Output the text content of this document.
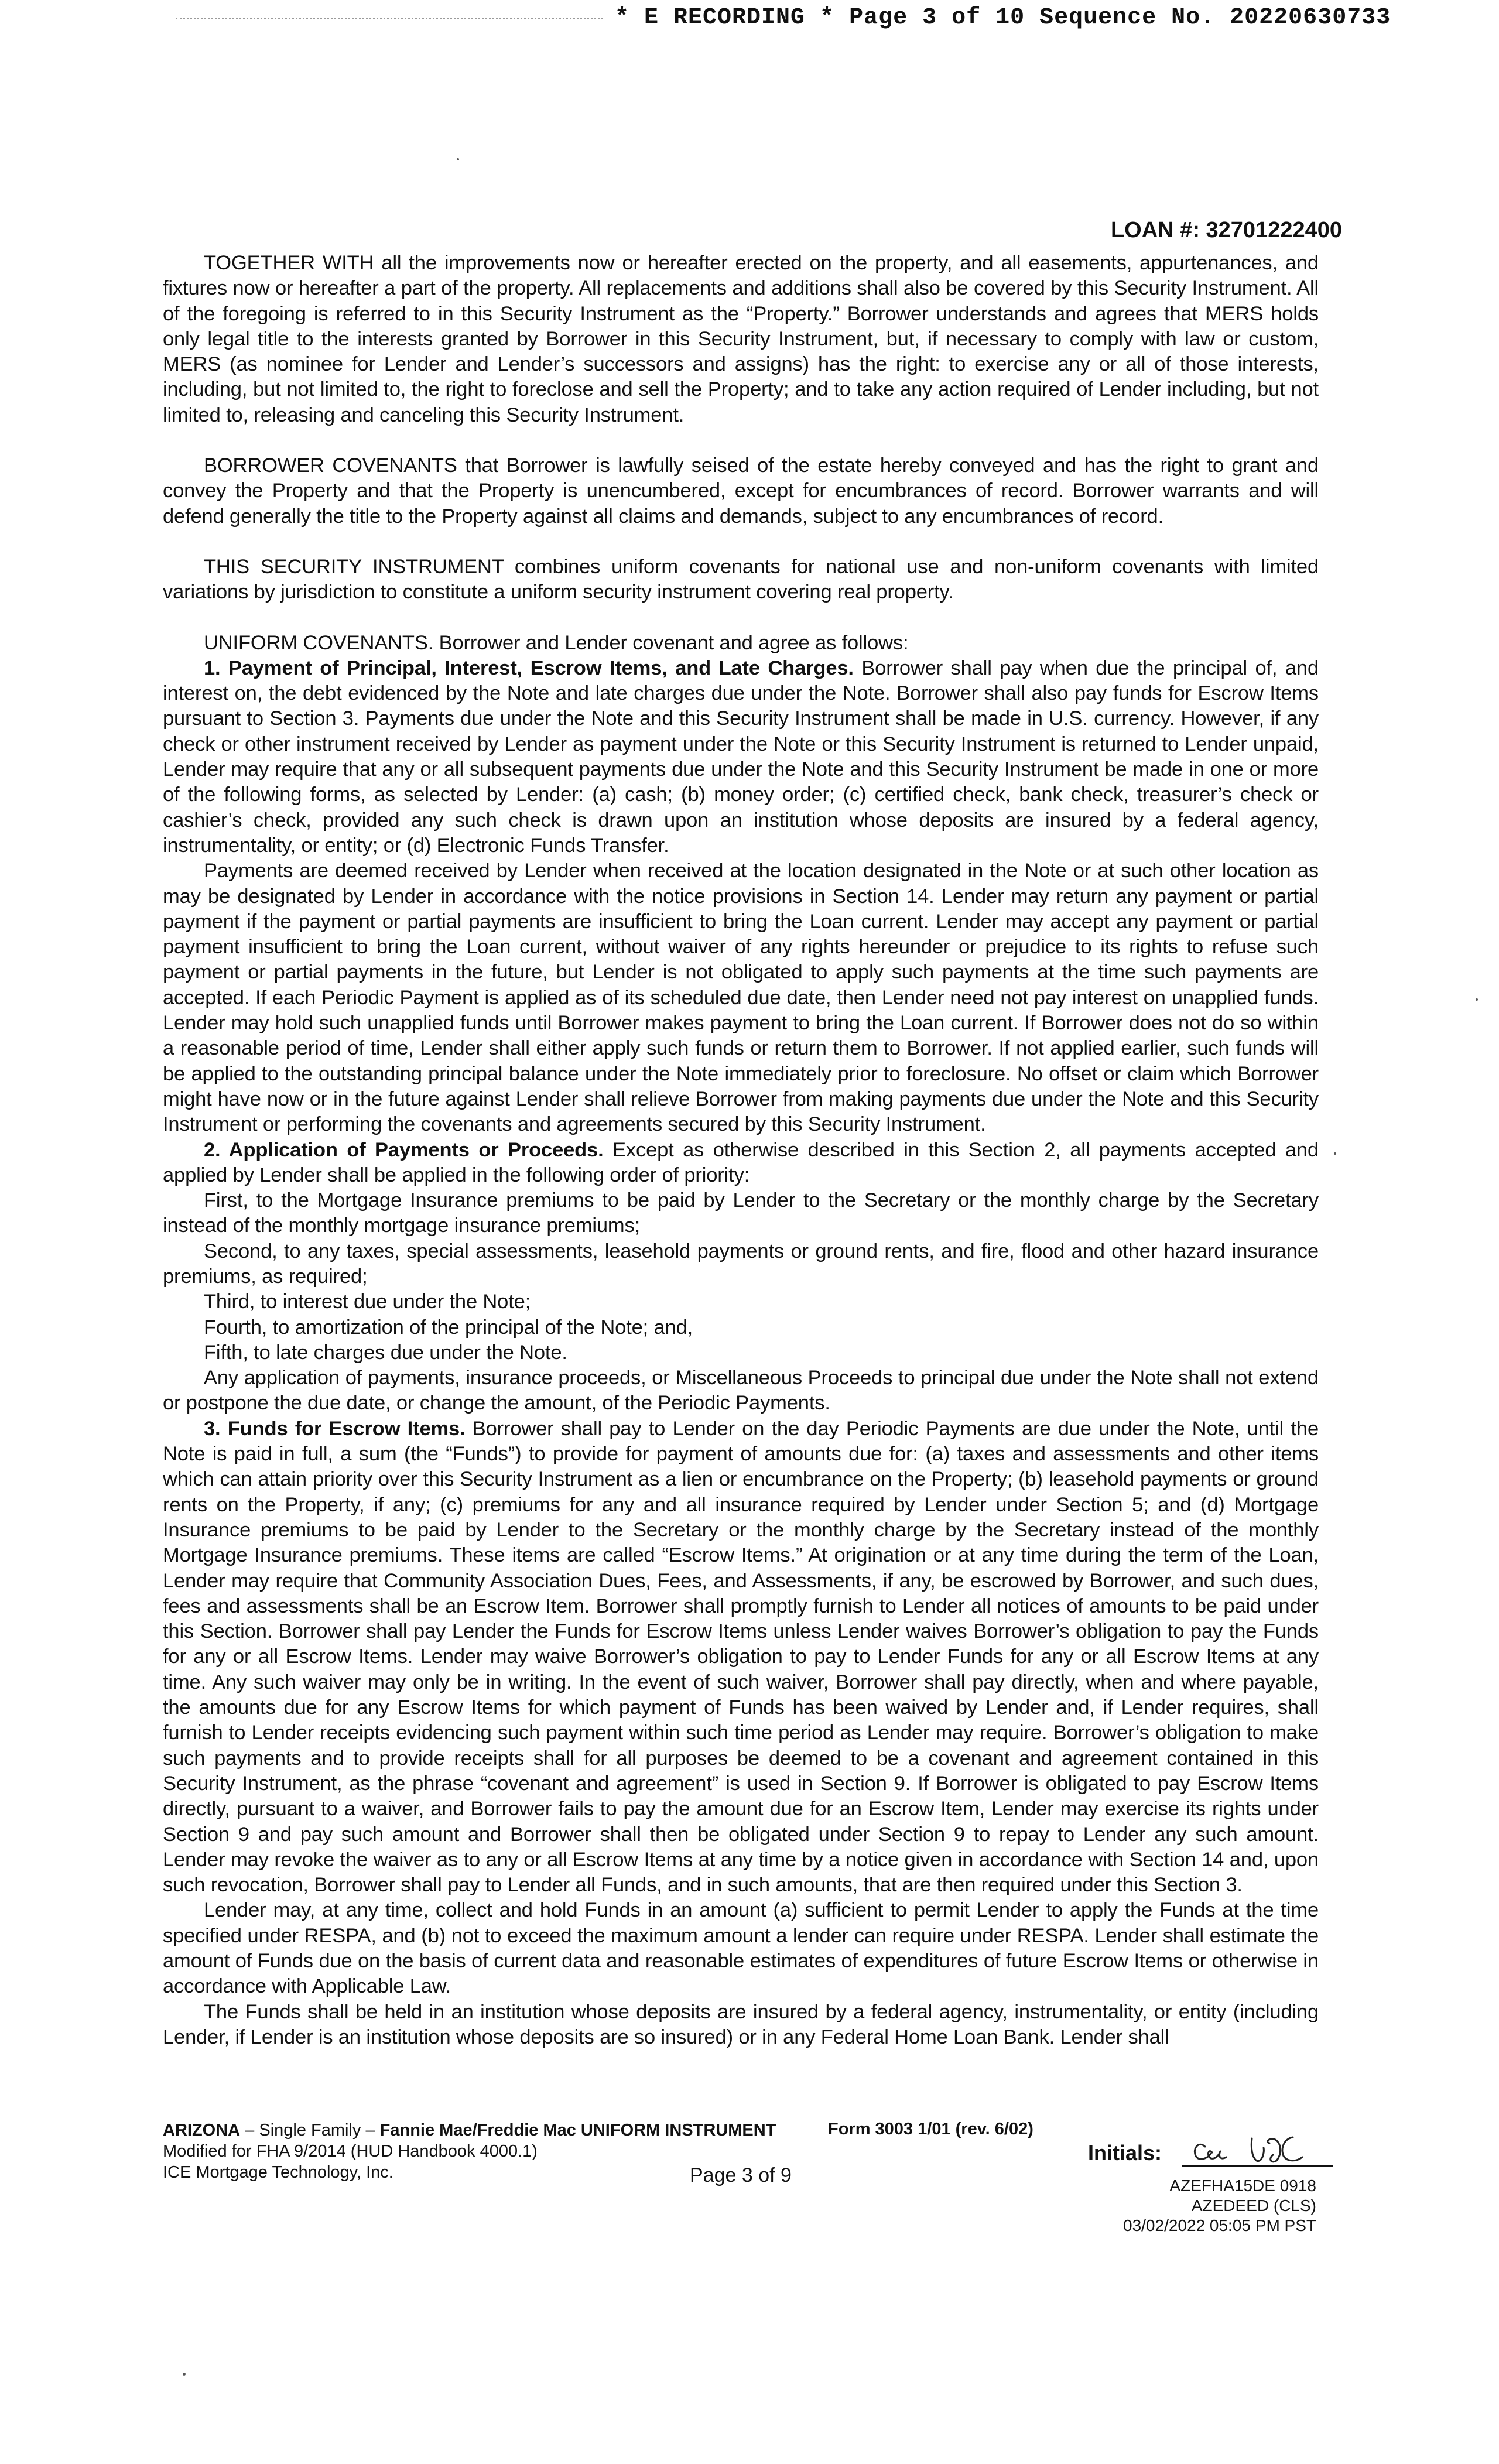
* E RECORDING * Page 3 of 10 Sequence No. 20220630733
LOAN #: 32701222400

TOGETHER WITH all the improvements now or hereafter erected on the property, and all easements, appurtenances, and fixtures now or hereafter a part of the property. All replacements and additions shall also be covered by this Security Instrument. All of the foregoing is referred to in this Security Instrument as the “Property.” Borrower understands and agrees that MERS holds only legal title to the interests granted by Borrower in this Security Instrument, but, if necessary to comply with law or custom, MERS (as nominee for Lender and Lender’s successors and assigns) has the right: to exercise any or all of those interests, including, but not limited to, the right to foreclose and sell the Property; and to take any action required of Lender including, but not limited to, releasing and canceling this Security Instrument.

BORROWER COVENANTS that Borrower is lawfully seised of the estate hereby conveyed and has the right to grant and convey the Property and that the Property is unencumbered, except for encumbrances of record. Borrower warrants and will defend generally the title to the Property against all claims and demands, subject to any encumbrances of record.

THIS SECURITY INSTRUMENT combines uniform covenants for national use and non-uniform covenants with limited variations by jurisdiction to constitute a uniform security instrument covering real property.

UNIFORM COVENANTS. Borrower and Lender covenant and agree as follows:

1. Payment of Principal, Interest, Escrow Items, and Late Charges. Borrower shall pay when due the principal of, and interest on, the debt evidenced by the Note and late charges due under the Note. Borrower shall also pay funds for Escrow Items pursuant to Section 3. Payments due under the Note and this Security Instrument shall be made in U.S. currency. However, if any check or other instrument received by Lender as payment under the Note or this Security Instrument is returned to Lender unpaid, Lender may require that any or all subsequent payments due under the Note and this Security Instrument be made in one or more of the following forms, as selected by Lender: (a) cash; (b) money order; (c) certified check, bank check, treasurer’s check or cashier’s check, provided any such check is drawn upon an institution whose deposits are insured by a federal agency, instrumentality, or entity; or (d) Electronic Funds Transfer.

Payments are deemed received by Lender when received at the location designated in the Note or at such other location as may be designated by Lender in accordance with the notice provisions in Section 14. Lender may return any payment or partial payment if the payment or partial payments are insufficient to bring the Loan current. Lender may accept any payment or partial payment insufficient to bring the Loan current, without waiver of any rights hereunder or prejudice to its rights to refuse such payment or partial payments in the future, but Lender is not obligated to apply such payments at the time such payments are accepted. If each Periodic Payment is applied as of its scheduled due date, then Lender need not pay interest on unapplied funds. Lender may hold such unapplied funds until Borrower makes payment to bring the Loan current. If Borrower does not do so within a reasonable period of time, Lender shall either apply such funds or return them to Borrower. If not applied earlier, such funds will be applied to the outstanding principal balance under the Note immediately prior to foreclosure. No offset or claim which Borrower might have now or in the future against Lender shall relieve Borrower from making payments due under the Note and this Security Instrument or performing the covenants and agreements secured by this Security Instrument.

2. Application of Payments or Proceeds. Except as otherwise described in this Section 2, all payments accepted and applied by Lender shall be applied in the following order of priority:

First, to the Mortgage Insurance premiums to be paid by Lender to the Secretary or the monthly charge by the Secretary instead of the monthly mortgage insurance premiums;

Second, to any taxes, special assessments, leasehold payments or ground rents, and fire, flood and other hazard insurance premiums, as required;

Third, to interest due under the Note;

Fourth, to amortization of the principal of the Note; and,

Fifth, to late charges due under the Note.

Any application of payments, insurance proceeds, or Miscellaneous Proceeds to principal due under the Note shall not extend or postpone the due date, or change the amount, of the Periodic Payments.

3. Funds for Escrow Items. Borrower shall pay to Lender on the day Periodic Payments are due under the Note, until the Note is paid in full, a sum (the “Funds”) to provide for payment of amounts due for: (a) taxes and assessments and other items which can attain priority over this Security Instrument as a lien or encumbrance on the Property; (b) leasehold payments or ground rents on the Property, if any; (c) premiums for any and all insurance required by Lender under Section 5; and (d) Mortgage Insurance premiums to be paid by Lender to the Secretary or the monthly charge by the Secretary instead of the monthly Mortgage Insurance premiums. These items are called “Escrow Items.” At origination or at any time during the term of the Loan, Lender may require that Community Association Dues, Fees, and Assessments, if any, be escrowed by Borrower, and such dues, fees and assessments shall be an Escrow Item. Borrower shall promptly furnish to Lender all notices of amounts to be paid under this Section. Borrower shall pay Lender the Funds for Escrow Items unless Lender waives Borrower’s obligation to pay the Funds for any or all Escrow Items. Lender may waive Borrower’s obligation to pay to Lender Funds for any or all Escrow Items at any time. Any such waiver may only be in writing. In the event of such waiver, Borrower shall pay directly, when and where payable, the amounts due for any Escrow Items for which payment of Funds has been waived by Lender and, if Lender requires, shall furnish to Lender receipts evidencing such payment within such time period as Lender may require. Borrower’s obligation to make such payments and to provide receipts shall for all purposes be deemed to be a covenant and agreement contained in this Security Instrument, as the phrase “covenant and agreement” is used in Section 9. If Borrower is obligated to pay Escrow Items directly, pursuant to a waiver, and Borrower fails to pay the amount due for an Escrow Item, Lender may exercise its rights under Section 9 and pay such amount and Borrower shall then be obligated under Section 9 to repay to Lender any such amount. Lender may revoke the waiver as to any or all Escrow Items at any time by a notice given in accordance with Section 14 and, upon such revocation, Borrower shall pay to Lender all Funds, and in such amounts, that are then required under this Section 3.

Lender may, at any time, collect and hold Funds in an amount (a) sufficient to permit Lender to apply the Funds at the time specified under RESPA, and (b) not to exceed the maximum amount a lender can require under RESPA. Lender shall estimate the amount of Funds due on the basis of current data and reasonable estimates of expenditures of future Escrow Items or otherwise in accordance with Applicable Law.

The Funds shall be held in an institution whose deposits are insured by a federal agency, instrumentality, or entity (including Lender, if Lender is an institution whose deposits are so insured) or in any Federal Home Loan Bank. Lender shall

ARIZONA – Single Family – Fannie Mae/Freddie Mac UNIFORM INSTRUMENT
Modified for FHA 9/2014 (HUD Handbook 4000.1)
ICE Mortgage Technology, Inc.
Form 3003 1/01 (rev. 6/02)
Page 3 of 9
Initials:
AZEFHA15DE 0918
AZEDEED (CLS)
03/02/2022 05:05 PM PST
